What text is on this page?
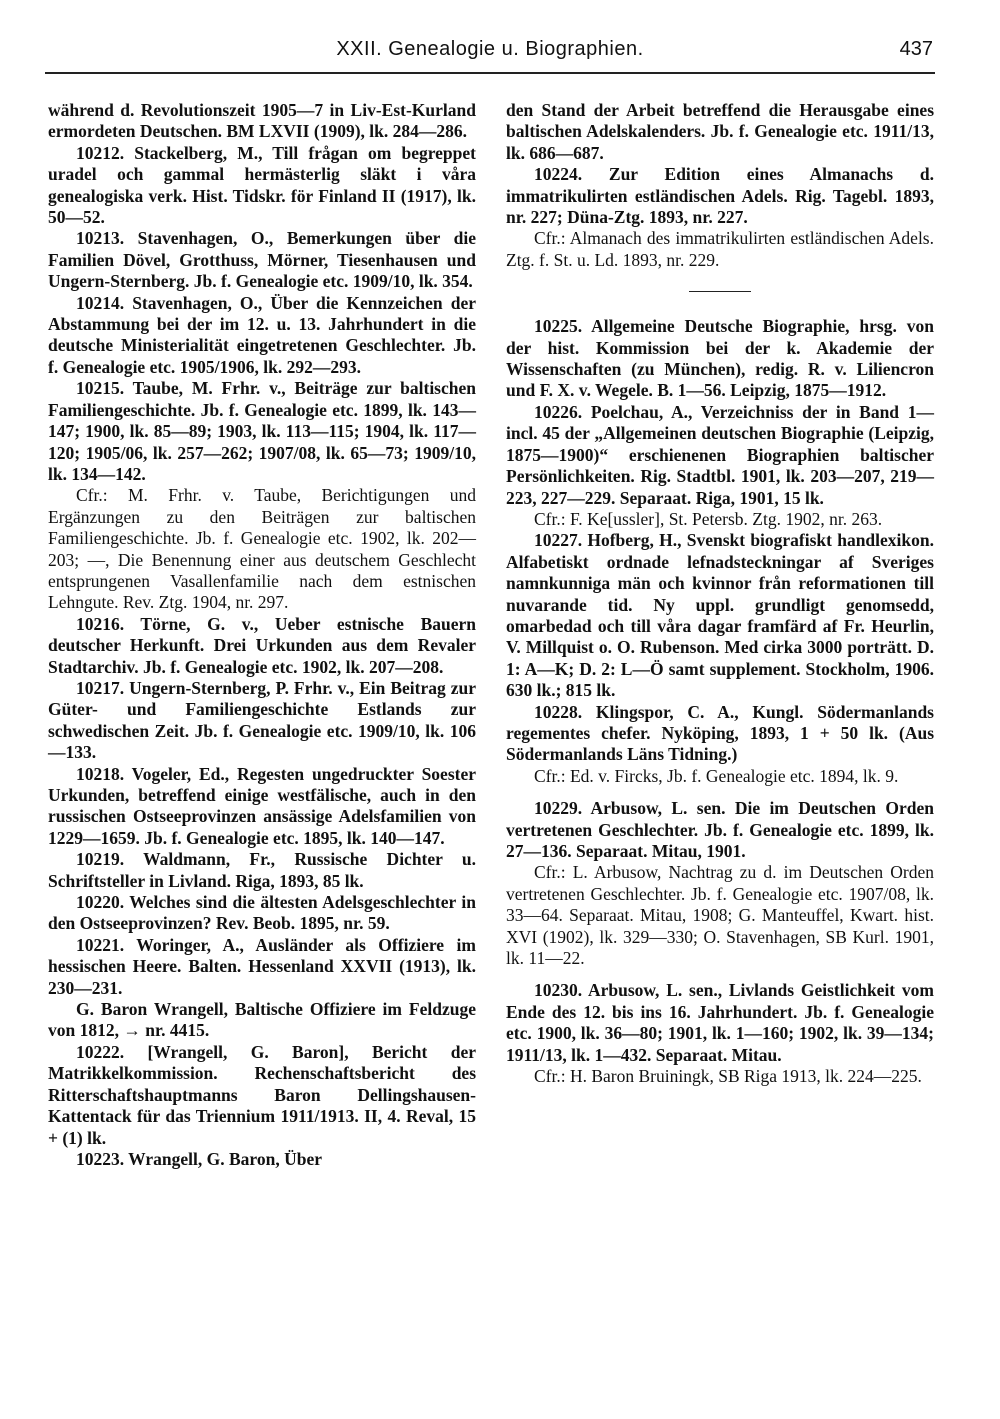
XXII. Genealogie u. Biographien.	437

während d. Revolutionszeit 1905—7 in Liv-Est-Kurland ermordeten Deutschen. BM LXVII (1909), lk. 284—286.

10212. Stackelberg, M., Till frågan om begreppet uradel och gammal hermästerlig släkt i våra genealogiska verk. Hist. Tidskr. för Finland II (1917), lk. 50—52.

10213. Stavenhagen, O., Bemerkungen über die Familien Dövel, Grotthuss, Mörner, Tiesenhausen und Ungern-Sternberg. Jb. f. Genealogie etc. 1909/10, lk. 354.

10214. Stavenhagen, O., Über die Kennzeichen der Abstammung bei der im 12. u. 13. Jahrhundert in die deutsche Ministerialität eingetretenen Geschlechter. Jb. f. Genealogie etc. 1905/1906, lk. 292—293.

10215. Taube, M. Frhr. v., Beiträge zur baltischen Familiengeschichte. Jb. f. Genealogie etc. 1899, lk. 143—147; 1900, lk. 85—89; 1903, lk. 113—115; 1904, lk. 117—120; 1905/06, lk. 257—262; 1907/08, lk. 65—73; 1909/10, lk. 134—142.

Cfr.: M. Frhr. v. Taube, Berichtigungen und Ergänzungen zu den Beiträgen zur baltischen Familiengeschichte. Jb. f. Genealogie etc. 1902, lk. 202—203; —, Die Benennung einer aus deutschem Geschlecht entsprungenen Vasallenfamilie nach dem estnischen Lehngute. Rev. Ztg. 1904, nr. 297.

10216. Törne, G. v., Ueber estnische Bauern deutscher Herkunft. Drei Urkunden aus dem Revaler Stadtarchiv. Jb. f. Genealogie etc. 1902, lk. 207—208.

10217. Ungern-Sternberg, P. Frhr. v., Ein Beitrag zur Güter- und Familiengeschichte Estlands zur schwedischen Zeit. Jb. f. Genealogie etc. 1909/10, lk. 106—133.

10218. Vogeler, Ed., Regesten ungedruckter Soester Urkunden, betreffend einige westfälische, auch in den russischen Ostseeprovinzen ansässige Adelsfamilien von 1229—1659. Jb. f. Genealogie etc. 1895, lk. 140—147.

10219. Waldmann, Fr., Russische Dichter u. Schriftsteller in Livland. Riga, 1893, 85 lk.

10220. Welches sind die ältesten Adelsgeschlechter in den Ostseeprovinzen? Rev. Beob. 1895, nr. 59.

10221. Woringer, A., Ausländer als Offiziere im hessischen Heere. Balten. Hessenland XXVII (1913), lk. 230—231.

G. Baron Wrangell, Baltische Offiziere im Feldzuge von 1812, → nr. 4415.

10222. [Wrangell, G. Baron], Bericht der Matrikkelkommission. Rechenschaftsbericht des Ritterschaftshauptmanns Baron Dellingshausen-Kattentack für das Triennium 1911/1913. II, 4. Reval, 15 + (1) lk.

10223. Wrangell, G. Baron, Über

den Stand der Arbeit betreffend die Herausgabe eines baltischen Adelskalenders. Jb. f. Genealogie etc. 1911/13, lk. 686—687.

10224. Zur Edition eines Almanachs d. immatrikulirten estländischen Adels. Rig. Tagebl. 1893, nr. 227; Düna-Ztg. 1893, nr. 227.

Cfr.: Almanach des immatrikulirten estländischen Adels. Ztg. f. St. u. Ld. 1893, nr. 229.

10225. Allgemeine Deutsche Biographie, hrsg. von der hist. Kommission bei der k. Akademie der Wissenschaften (zu München), redig. R. v. Liliencron und F. X. v. Wegele. B. 1—56. Leipzig, 1875—1912.

10226. Poelchau, A., Verzeichniss der in Band 1— incl. 45 der „Allgemeinen deutschen Biographie (Leipzig, 1875—1900)“ erschienenen Biographien baltischer Persönlichkeiten. Rig. Stadtbl. 1901, lk. 203—207, 219—223, 227—229. Separaat. Riga, 1901, 15 lk.

Cfr.: F. Ke[ussler], St. Petersb. Ztg. 1902, nr. 263.

10227. Hofberg, H., Svenskt biografiskt handlexikon. Alfabetiskt ordnade lefnadsteckningar af Sveriges namnkunniga män och kvinnor från reformationen till nuvarande tid. Ny uppl. grundligt genomsedd, omarbedad och till våra dagar framfärd af Fr. Heurlin, V. Millquist o. O. Rubenson. Med cirka 3000 porträtt. D. 1: A—K; D. 2: L—Ö samt supplement. Stockholm, 1906. 630 lk.; 815 lk.

10228. Klingspor, C. A., Kungl. Södermanlands regementes chefer. Nyköping, 1893, 1 + 50 lk. (Aus Södermanlands Läns Tidning.)

Cfr.: Ed. v. Fircks, Jb. f. Genealogie etc. 1894, lk. 9.

10229. Arbusow, L. sen. Die im Deutschen Orden vertretenen Geschlechter. Jb. f. Genealogie etc. 1899, lk. 27—136. Separaat. Mitau, 1901.

Cfr.: L. Arbusow, Nachtrag zu d. im Deutschen Orden vertretenen Geschlechter. Jb. f. Genealogie etc. 1907/08, lk. 33—64. Separaat. Mitau, 1908; G. Manteuffel, Kwart. hist. XVI (1902), lk. 329—330; O. Stavenhagen, SB Kurl. 1901, lk. 11—22.

10230. Arbusow, L. sen., Livlands Geistlichkeit vom Ende des 12. bis ins 16. Jahrhundert. Jb. f. Genealogie etc. 1900, lk. 36—80; 1901, lk. 1—160; 1902, lk. 39—134; 1911/13, lk. 1—432. Separaat. Mitau.

Cfr.: H. Baron Bruiningk, SB Riga 1913, lk. 224—225.
